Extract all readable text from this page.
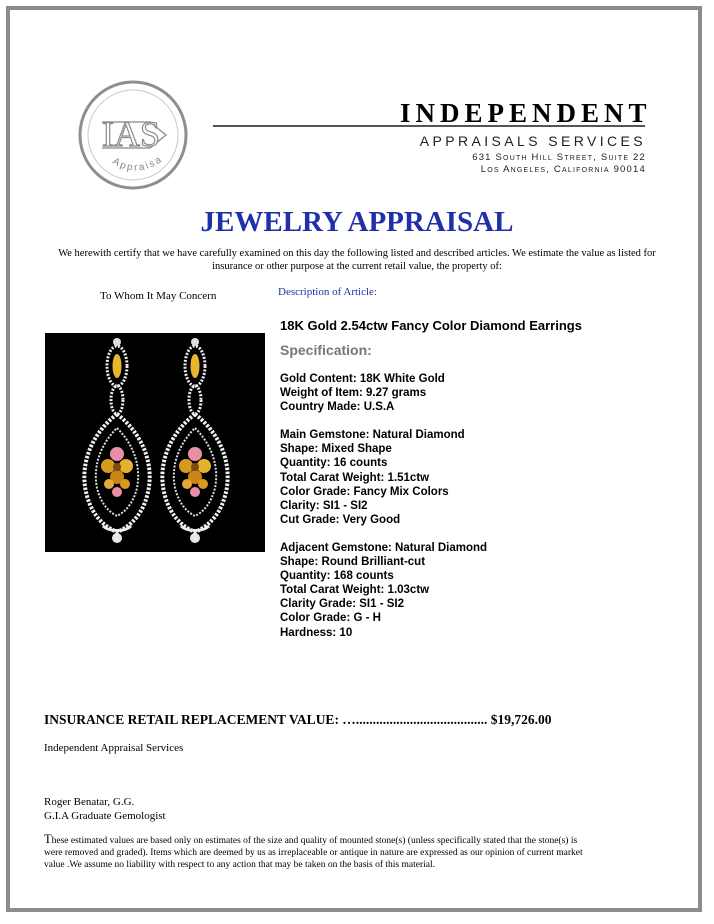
IAS
Appraisa
INDEPENDENT
APPRAISALS SERVICES
631 South Hill Street, Suite 22
Los Angeles, California 90014
JEWELRY APPRAISAL
We herewith certify that we have carefully examined on this day the following listed and described articles. We estimate the value as listed for insurance or other purpose at the current retail value, the property of:
To Whom It May Concern	Description of Article:
18K Gold 2.54ctw Fancy Color Diamond Earrings
Specification:
Gold Content: 18K White Gold
Weight of Item: 9.27 grams
Country Made: U.S.A
Main Gemstone: Natural Diamond
Shape: Mixed Shape
Quantity: 16 counts
Total Carat Weight: 1.51ctw
Color Grade: Fancy Mix Colors
Clarity: SI1 - SI2
Cut Grade: Very Good
Adjacent Gemstone: Natural Diamond
Shape: Round Brilliant-cut
Quantity: 168 counts
Total Carat Weight: 1.03ctw
Clarity Grade: SI1 - SI2
Color Grade: G - H
Hardness: 10
INSURANCE RETAIL REPLACEMENT VALUE: …....................................... $19,726.00
Independent Appraisal Services
Roger Benatar, G.G.
G.I.A Graduate Gemologist
These estimated values are based only on estimates of the size and quality of mounted stone(s) (unless specifically stated that the stone(s) is were removed and graded). Items which are deemed by us as irreplaceable or antique in nature are expressed as our opinion of current market value .We assume no liability with respect to any action that may be taken on the basis of this material.
